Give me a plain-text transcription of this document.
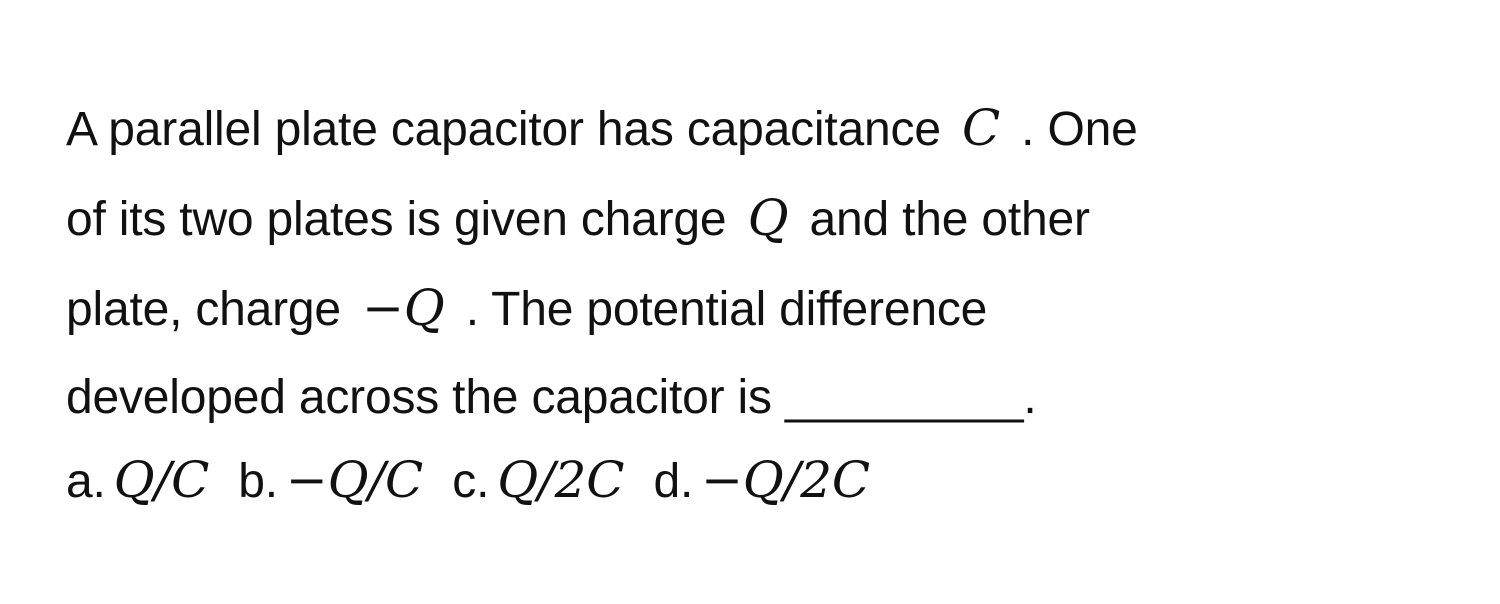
A parallel plate capacitor has capacitance C . One
of its two plates is given charge Q and the other
plate, charge −Q . The potential difference
developed across the capacitor is _________.
a. Q/C b. −Q/C c. Q/2C d. −Q/2C
